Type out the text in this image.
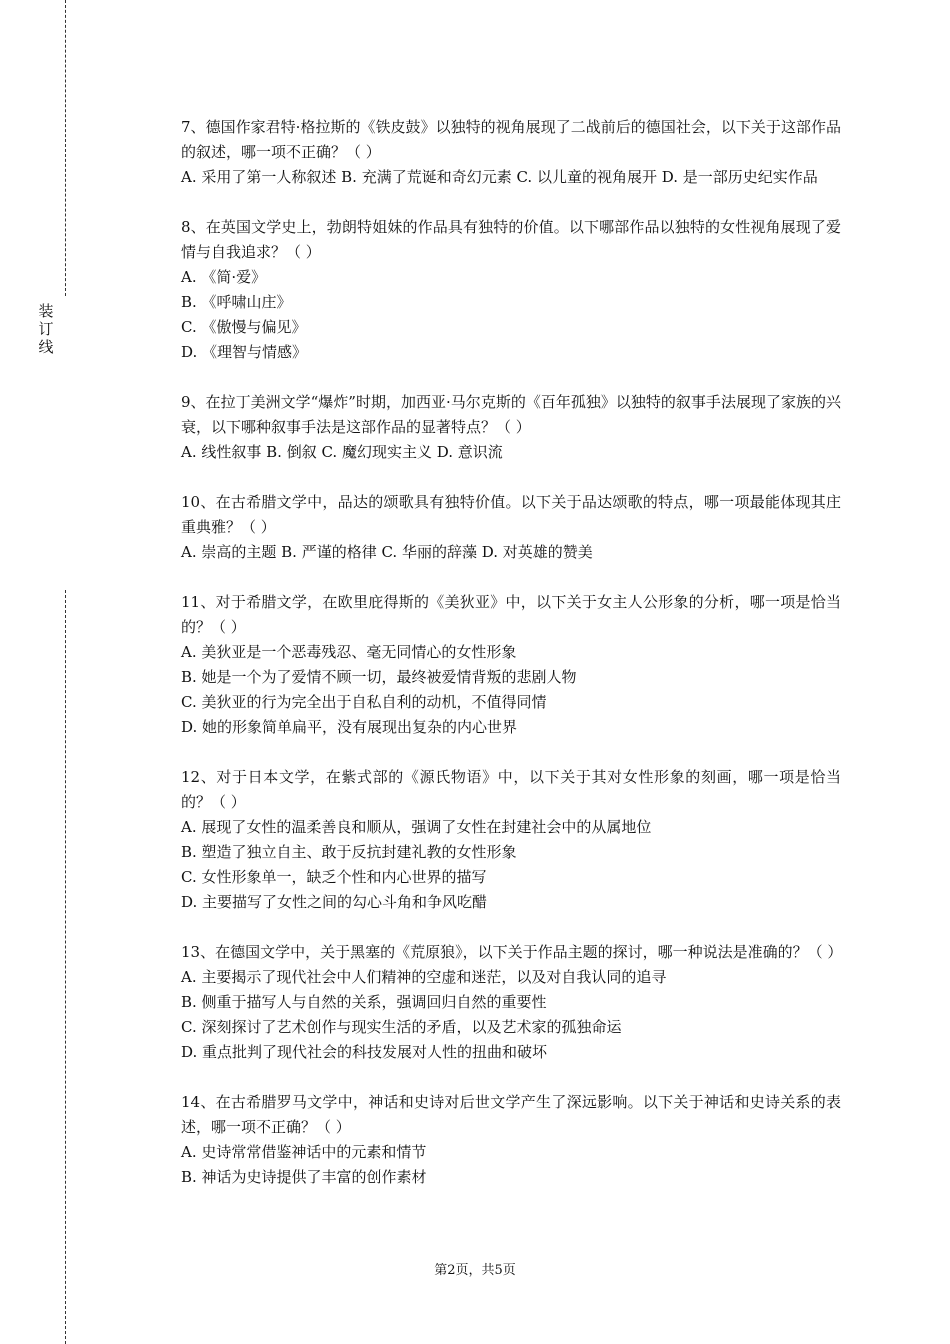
装
订
线
7、德国作家君特·格拉斯的《铁皮鼓》以独特的视角展现了二战前后的德国社会，以下关于这部作品的叙述，哪一项不正确？（ ）
A. 采用了第一人称叙述 B. 充满了荒诞和奇幻元素 C. 以儿童的视角展开 D. 是一部历史纪实作品
8、在英国文学史上，勃朗特姐妹的作品具有独特的价值。以下哪部作品以独特的女性视角展现了爱情与自我追求？（ ）
A. 《简·爱》
B. 《呼啸山庄》
C. 《傲慢与偏见》
D. 《理智与情感》
9、在拉丁美洲文学“爆炸”时期，加西亚·马尔克斯的《百年孤独》以独特的叙事手法展现了家族的兴衰，以下哪种叙事手法是这部作品的显著特点？（ ）
A. 线性叙事 B. 倒叙 C. 魔幻现实主义 D. 意识流
10、在古希腊文学中，品达的颂歌具有独特价值。以下关于品达颂歌的特点，哪一项最能体现其庄重典雅？（ ）
A. 崇高的主题 B. 严谨的格律 C. 华丽的辞藻 D. 对英雄的赞美
11、对于希腊文学，在欧里庇得斯的《美狄亚》中，以下关于女主人公形象的分析，哪一项是恰当的？（ ）
A. 美狄亚是一个恶毒残忍、毫无同情心的女性形象
B. 她是一个为了爱情不顾一切，最终被爱情背叛的悲剧人物
C. 美狄亚的行为完全出于自私自利的动机，不值得同情
D. 她的形象简单扁平，没有展现出复杂的内心世界
12、对于日本文学，在紫式部的《源氏物语》中，以下关于其对女性形象的刻画，哪一项是恰当的？（ ）
A. 展现了女性的温柔善良和顺从，强调了女性在封建社会中的从属地位
B. 塑造了独立自主、敢于反抗封建礼教的女性形象
C. 女性形象单一，缺乏个性和内心世界的描写
D. 主要描写了女性之间的勾心斗角和争风吃醋
13、在德国文学中，关于黑塞的《荒原狼》，以下关于作品主题的探讨，哪一种说法是准确的？（ ）
A. 主要揭示了现代社会中人们精神的空虚和迷茫，以及对自我认同的追寻
B. 侧重于描写人与自然的关系，强调回归自然的重要性
C. 深刻探讨了艺术创作与现实生活的矛盾，以及艺术家的孤独命运
D. 重点批判了现代社会的科技发展对人性的扭曲和破坏
14、在古希腊罗马文学中，神话和史诗对后世文学产生了深远影响。以下关于神话和史诗关系的表述，哪一项不正确？（ ）
A. 史诗常常借鉴神话中的元素和情节
B. 神话为史诗提供了丰富的创作素材
第2页，共5页
